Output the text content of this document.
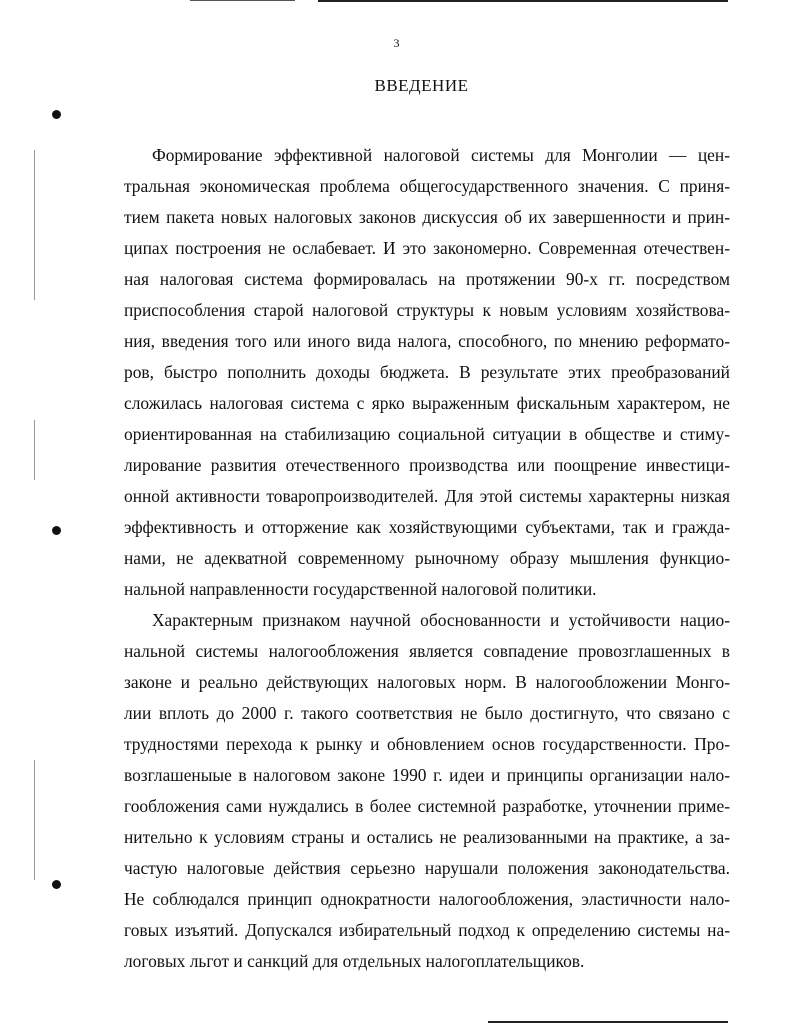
3
ВВЕДЕНИЕ
Формирование эффективной налоговой системы для Монголии — цен-
тральная экономическая проблема общегосударственного значения. С приня-
тием пакета новых налоговых законов дискуссия об их завершенности и прин-
ципах построения не ослабевает. И это закономерно. Современная отечествен-
ная налоговая система формировалась на протяжении 90-х гг. посредством
приспособления старой налоговой структуры к новым условиям хозяйствова-
ния, введения того или иного вида налога, способного, по мнению реформато-
ров, быстро пополнить доходы бюджета. В результате этих преобразований
сложилась налоговая система с ярко выраженным фискальным характером, не
ориентированная на стабилизацию социальной ситуации в обществе и стиму-
лирование развития отечественного производства или поощрение инвестици-
онной активности товаропроизводителей. Для этой системы характерны низкая
эффективность и отторжение как хозяйствующими субъектами, так и гражда-
нами, не адекватной современному рыночному образу мышления функцио-
нальной направленности государственной налоговой политики.
Характерным признаком научной обоснованности и устойчивости нацио-
нальной системы налогообложения является совпадение провозглашенных в
законе и реально действующих налоговых норм. В налогообложении Монго-
лии вплоть до 2000 г. такого соответствия не было достигнуто, что связано с
трудностями перехода к рынку и обновлением основ государственности. Про-
возглашеныые в налоговом законе 1990 г. идеи и принципы организации нало-
гообложения сами нуждались в более системной разработке, уточнении приме-
нительно к условиям страны и остались не реализованными на практике, а за-
частую налоговые действия серьезно нарушали положения законодательства.
Не соблюдался принцип однократности налогообложения, эластичности нало-
говых изъятий. Допускался избирательный подход к определению системы на-
логовых льгот и санкций для отдельных налогоплательщиков.
